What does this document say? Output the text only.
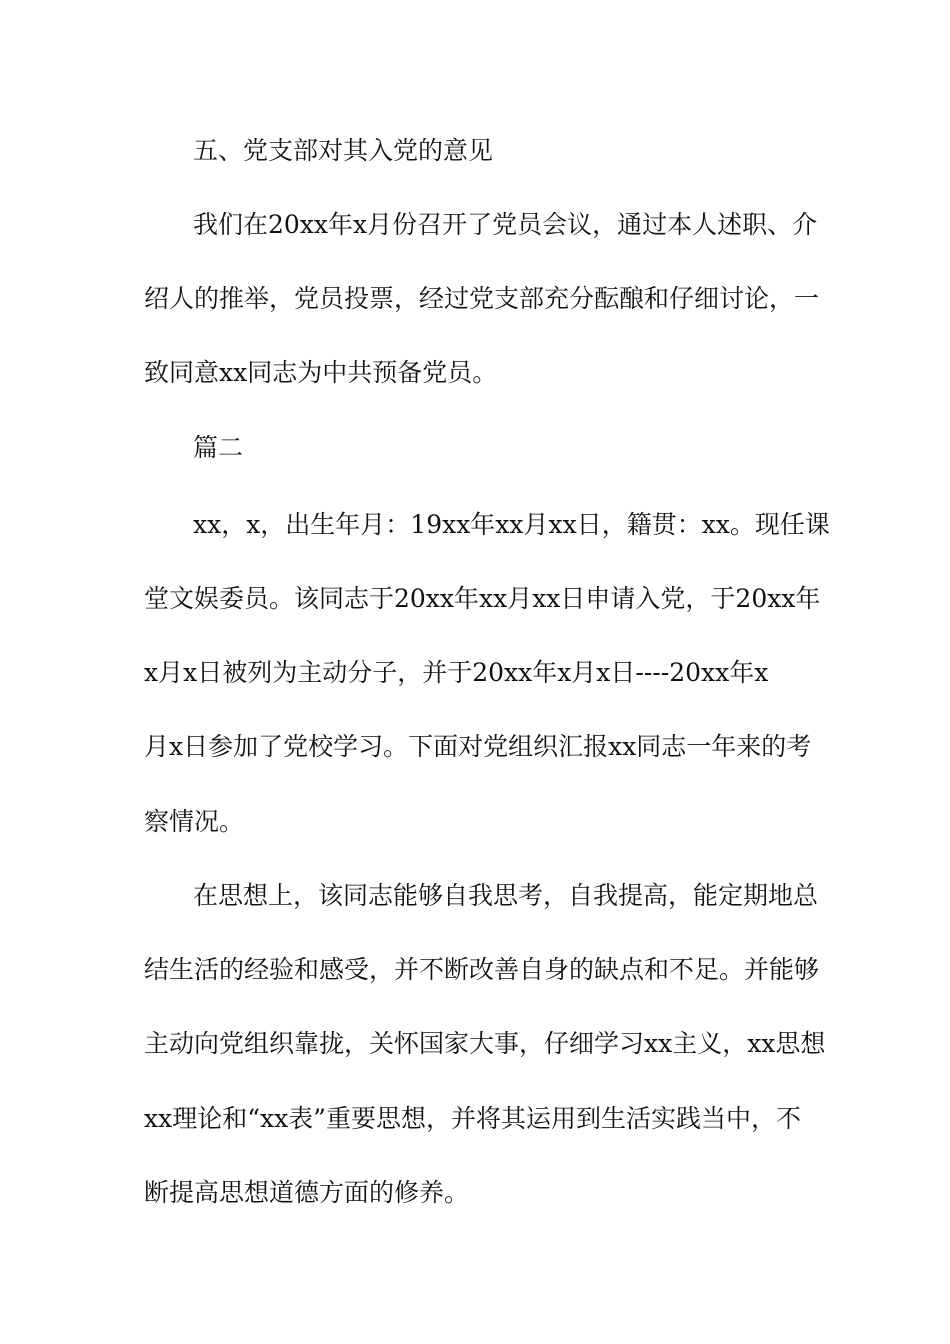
五、党支部对其入党的意见
我们在20xx年x月份召开了党员会议，通过本人述职、介
绍人的推举，党员投票，经过党支部充分酝酿和仔细讨论，一
致同意xx同志为中共预备党员。
篇二
xx，x，出生年月：19xx年xx月xx日，籍贯：xx。现任课
堂文娱委员。该同志于20xx年xx月xx日申请入党，于20xx年
x月x日被列为主动分子，并于20xx年x月x日----20xx年x
月x日参加了党校学习。下面对党组织汇报xx同志一年来的考
察情况。
在思想上，该同志能够自我思考，自我提高，能定期地总
结生活的经验和感受，并不断改善自身的缺点和不足。并能够
主动向党组织靠拢，关怀国家大事，仔细学习xx主义，xx思想
xx理论和“xx表”重要思想，并将其运用到生活实践当中，不
断提高思想道德方面的修养。
